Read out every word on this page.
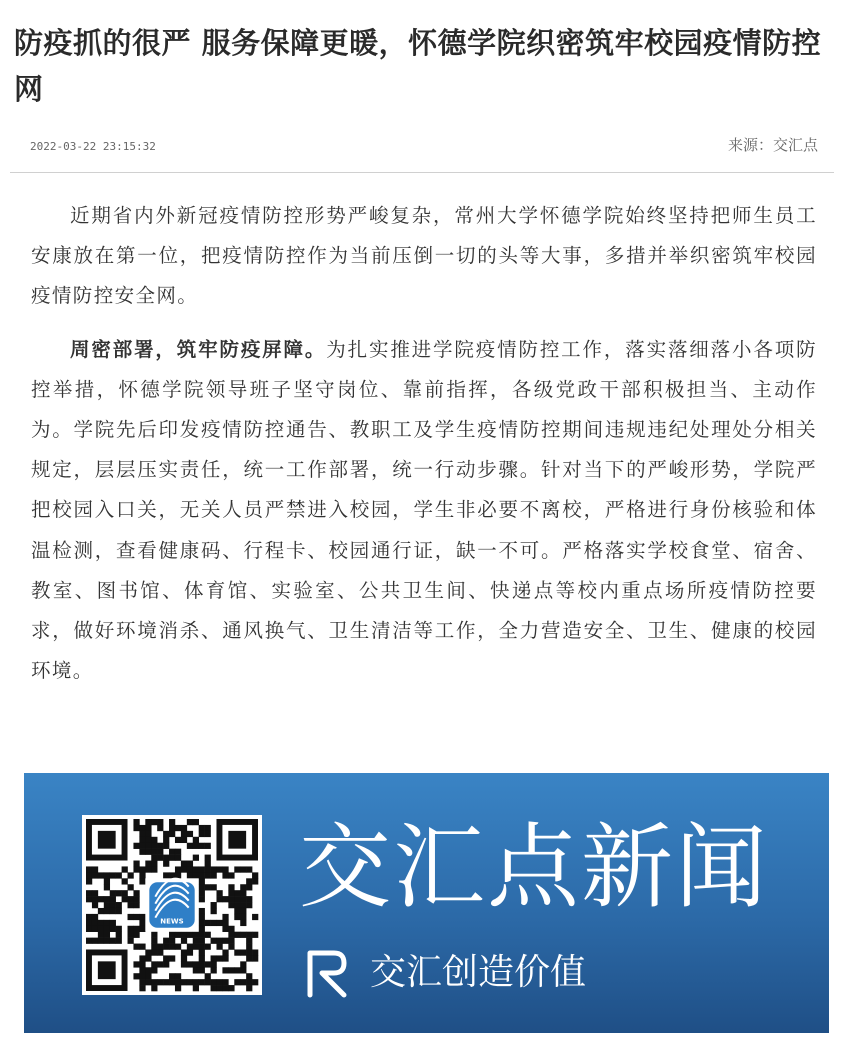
防疫抓的很严 服务保障更暖，怀德学院织密筑牢校园疫情防控网
2022-03-22 23:15:32	来源：交汇点

近期省内外新冠疫情防控形势严峻复杂，常州大学怀德学院始终坚持把师生员工安康放在第一位，把疫情防控作为当前压倒一切的头等大事，多措并举织密筑牢校园疫情防控安全网。

周密部署，筑牢防疫屏障。为扎实推进学院疫情防控工作，落实落细落小各项防控举措，怀德学院领导班子坚守岗位、靠前指挥，各级党政干部积极担当、主动作为。学院先后印发疫情防控通告、教职工及学生疫情防控期间违规违纪处理处分相关规定，层层压实责任，统一工作部署，统一行动步骤。针对当下的严峻形势，学院严把校园入口关，无关人员严禁进入校园，学生非必要不离校，严格进行身份核验和体温检测，查看健康码、行程卡、校园通行证，缺一不可。严格落实学校食堂、宿舍、教室、图书馆、体育馆、实验室、公共卫生间、快递点等校内重点场所疫情防控要求，做好环境消杀、通风换气、卫生清洁等工作，全力营造安全、卫生、健康的校园环境。

NEWS
交汇点新闻
交汇创造价值
